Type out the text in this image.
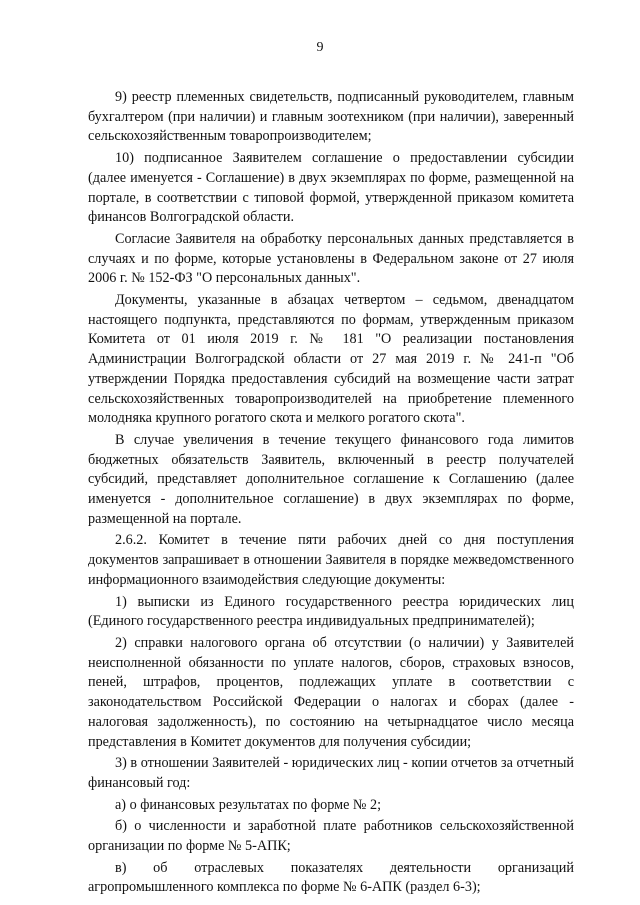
9

9) реестр племенных свидетельств, подписанный руководителем, главным бухгалтером (при наличии) и главным зоотехником (при наличии), заверенный сельскохозяйственным товаропроизводителем;

10) подписанное Заявителем соглашение о предоставлении субсидии (далее именуется - Соглашение) в двух экземплярах по форме, размещенной на портале, в соответствии с типовой формой, утвержденной приказом комитета финансов Волгоградской области.

Согласие Заявителя на обработку персональных данных представляется в случаях и по форме, которые установлены в Федеральном законе от 27 июля 2006 г. № 152-ФЗ "О персональных данных".

Документы, указанные в абзацах четвертом – седьмом, двенадцатом настоящего подпункта, представляются по формам, утвержденным приказом Комитета от 01 июля 2019 г. № 181 "О реализации постановления Администрации Волгоградской области от 27 мая 2019 г. № 241-п "Об утверждении Порядка предоставления субсидий на возмещение части затрат сельскохозяйственных товаропроизводителей на приобретение племенного молодняка крупного рогатого скота и мелкого рогатого скота".

В случае увеличения в течение текущего финансового года лимитов бюджетных обязательств Заявитель, включенный в реестр получателей субсидий, представляет дополнительное соглашение к Соглашению (далее именуется - дополнительное соглашение) в двух экземплярах по форме, размещенной на портале.

2.6.2. Комитет в течение пяти рабочих дней со дня поступления документов запрашивает в отношении Заявителя в порядке межведомственного информационного взаимодействия следующие документы:

1) выписки из Единого государственного реестра юридических лиц (Единого государственного реестра индивидуальных предпринимателей);

2) справки налогового органа об отсутствии (о наличии) у Заявителей неисполненной обязанности по уплате налогов, сборов, страховых взносов, пеней, штрафов, процентов, подлежащих уплате в соответствии с законодательством Российской Федерации о налогах и сборах (далее - налоговая задолженность), по состоянию на четырнадцатое число месяца представления в Комитет документов для получения субсидии;

3) в отношении Заявителей - юридических лиц - копии отчетов за отчетный финансовый год:

а) о финансовых результатах по форме № 2;

б) о численности и заработной плате работников сельскохозяйственной организации по форме № 5-АПК;

в) об отраслевых показателях деятельности организаций агропромышленного комплекса по форме № 6-АПК (раздел 6-3);
